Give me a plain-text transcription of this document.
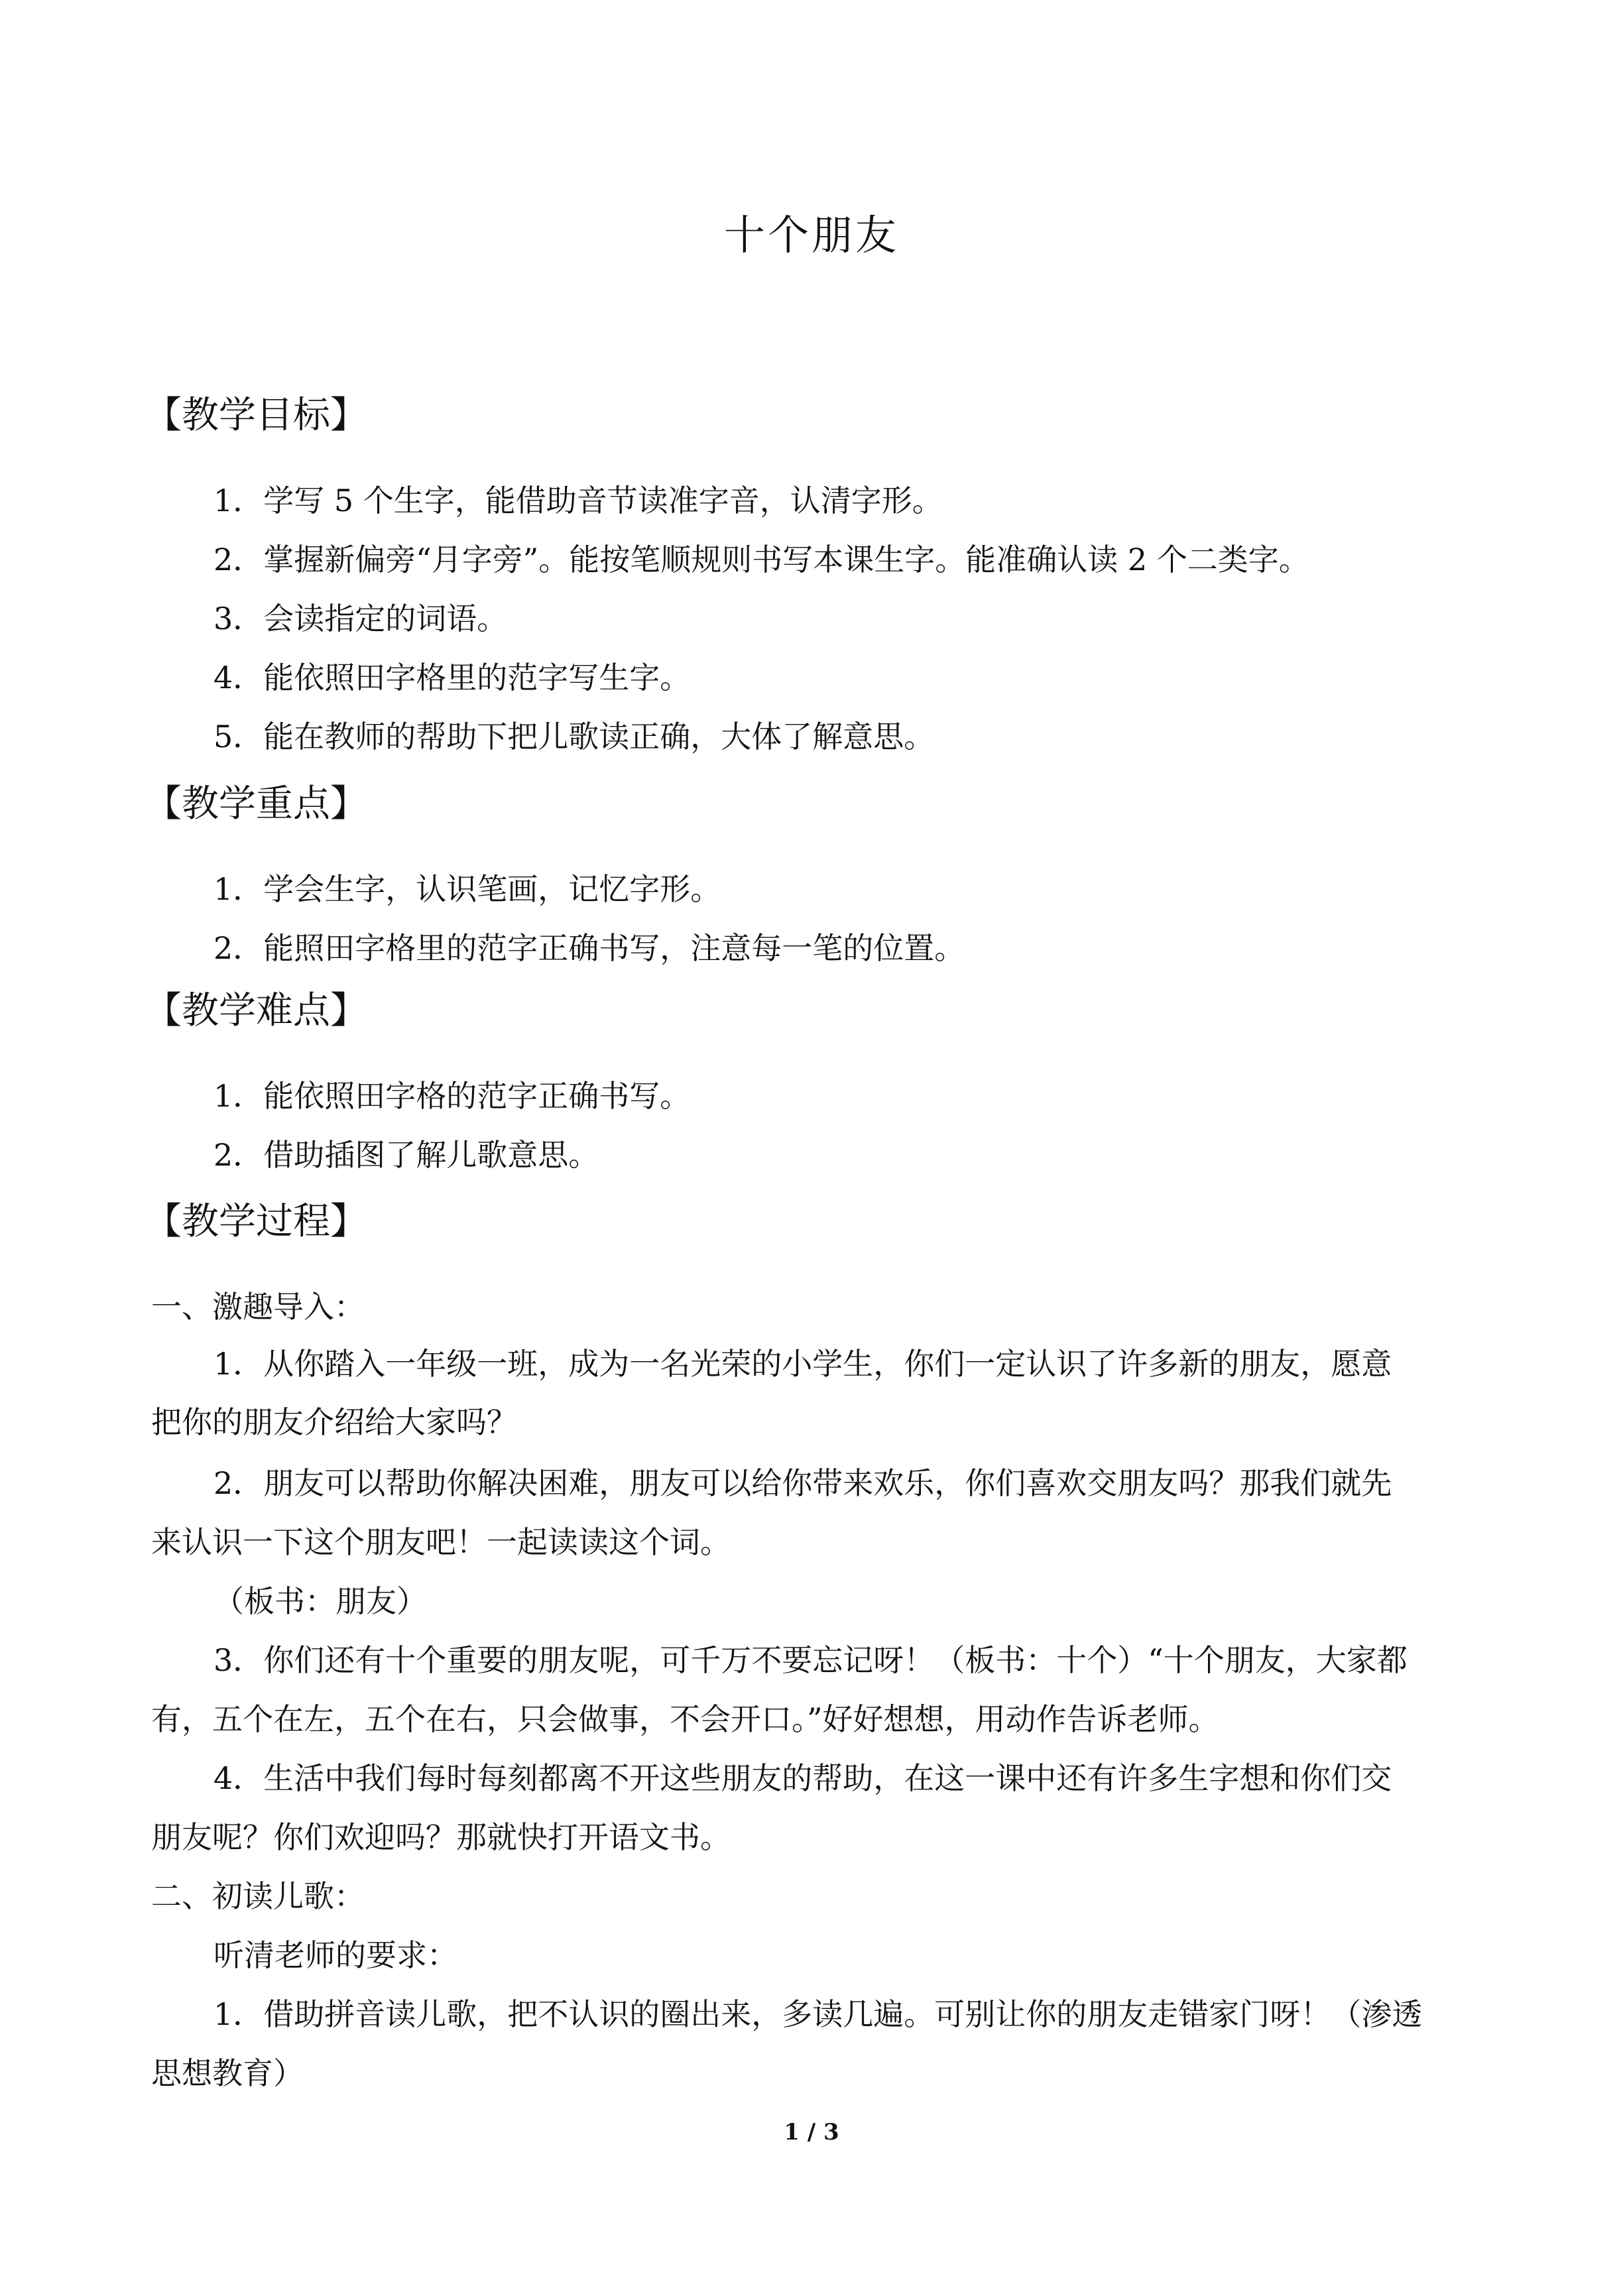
十个朋友
【教学目标】

1．学写 5 个生字，能借助音节读准字音，认清字形。

2．掌握新偏旁“月字旁”。能按笔顺规则书写本课生字。能准确认读 2 个二类字。

3．会读指定的词语。

4．能依照田字格里的范字写生字。

5．能在教师的帮助下把儿歌读正确，大体了解意思。

【教学重点】

1．学会生字，认识笔画，记忆字形。

2．能照田字格里的范字正确书写，注意每一笔的位置。

【教学难点】

1．能依照田字格的范字正确书写。

2．借助插图了解儿歌意思。

【教学过程】

一、激趣导入：

1．从你踏入一年级一班，成为一名光荣的小学生，你们一定认识了许多新的朋友，愿意

把你的朋友介绍给大家吗？

2．朋友可以帮助你解决困难，朋友可以给你带来欢乐，你们喜欢交朋友吗？那我们就先

来认识一下这个朋友吧！一起读读这个词。

（板书：朋友）

3．你们还有十个重要的朋友呢，可千万不要忘记呀！（板书：十个）“十个朋友，大家都

有，五个在左，五个在右，只会做事，不会开口。”好好想想，用动作告诉老师。

4．生活中我们每时每刻都离不开这些朋友的帮助，在这一课中还有许多生字想和你们交

朋友呢？你们欢迎吗？那就快打开语文书。

二、初读儿歌：

听清老师的要求：

1．借助拼音读儿歌，把不认识的圈出来，多读几遍。可别让你的朋友走错家门呀！（渗透

思想教育）

1 / 3
